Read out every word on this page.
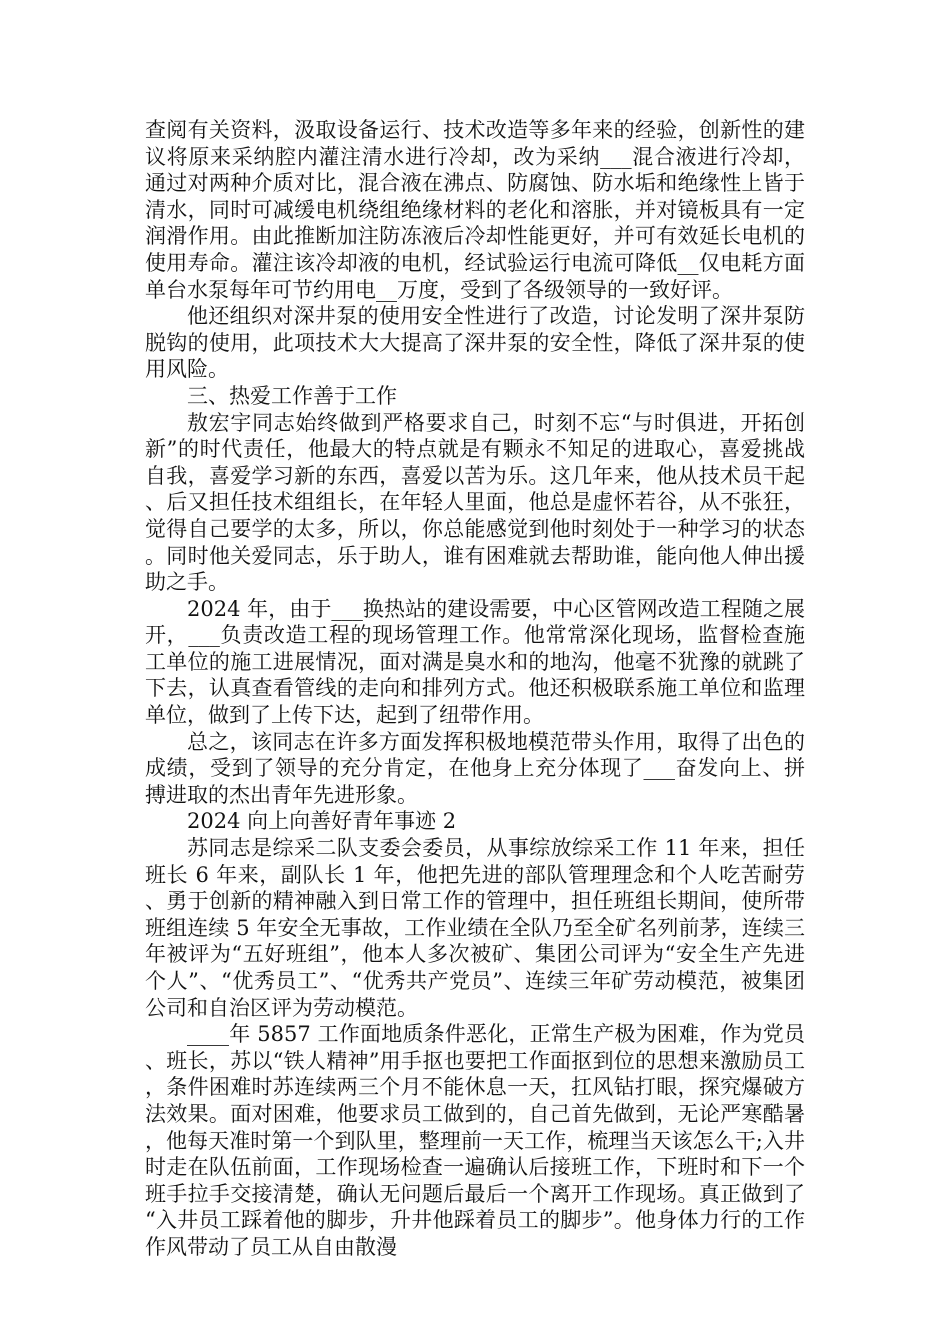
查阅有关资料，汲取设备运行、技术改造等多年来的经验，创新性的建议将原来采纳腔内灌注清水进行冷却，改为采纳___混合液进行冷却，通过对两种介质对比，混合液在沸点、防腐蚀、防水垢和绝缘性上皆于清水，同时可减缓电机绕组绝缘材料的老化和溶胀，并对镜板具有一定润滑作用。由此推断加注防冻液后冷却性能更好，并可有效延长电机的使用寿命。灌注该冷却液的电机，经试验运行电流可降低__仅电耗方面单台水泵每年可节约用电__万度，受到了各级领导的一致好评。

他还组织对深井泵的使用安全性进行了改造，讨论发明了深井泵防脱钩的使用，此项技术大大提高了深井泵的安全性，降低了深井泵的使用风险。

三、热爱工作善于工作

敖宏宇同志始终做到严格要求自己，时刻不忘“与时俱进，开拓创新”的时代责任，他最大的特点就是有颗永不知足的进取心，喜爱挑战自我，喜爱学习新的东西，喜爱以苦为乐。这几年来，他从技术员干起、后又担任技术组组长，在年轻人里面，他总是虚怀若谷，从不张狂，觉得自己要学的太多，所以，你总能感觉到他时刻处于一种学习的状态。同时他关爱同志，乐于助人，谁有困难就去帮助谁，能向他人伸出援助之手。

2024 年，由于___换热站的建设需要，中心区管网改造工程随之展开，___负责改造工程的现场管理工作。他常常深化现场，监督检查施工单位的施工进展情况，面对满是臭水和的地沟，他毫不犹豫的就跳了下去，认真查看管线的走向和排列方式。他还积极联系施工单位和监理单位，做到了上传下达，起到了纽带作用。

总之，该同志在许多方面发挥积极地模范带头作用，取得了出色的成绩，受到了领导的充分肯定，在他身上充分体现了___奋发向上、拼搏进取的杰出青年先进形象。

2024 向上向善好青年事迹 2

苏同志是综采二队支委会委员，从事综放综采工作 11 年来，担任班长 6 年来，副队长 1 年，他把先进的部队管理理念和个人吃苦耐劳、勇于创新的精神融入到日常工作的管理中，担任班组长期间，使所带班组连续 5 年安全无事故，工作业绩在全队乃至全矿名列前茅，连续三年被评为“五好班组”，他本人多次被矿、集团公司评为“安全生产先进个人”、“优秀员工”、“优秀共产党员”、连续三年矿劳动模范，被集团公司和自治区评为劳动模范。

____年 5857 工作面地质条件恶化，正常生产极为困难，作为党员、班长，苏以“铁人精神”用手抠也要把工作面抠到位的思想来激励员工，条件困难时苏连续两三个月不能休息一天，扛风钻打眼，探究爆破方法效果。面对困难，他要求员工做到的，自己首先做到，无论严寒酷暑，他每天准时第一个到队里，整理前一天工作，梳理当天该怎么干;入井时走在队伍前面，工作现场检查一遍确认后接班工作，下班时和下一个班手拉手交接清楚，确认无问题后最后一个离开工作现场。真正做到了“入井员工踩着他的脚步，升井他踩着员工的脚步”。他身体力行的工作作风带动了员工从自由散漫
